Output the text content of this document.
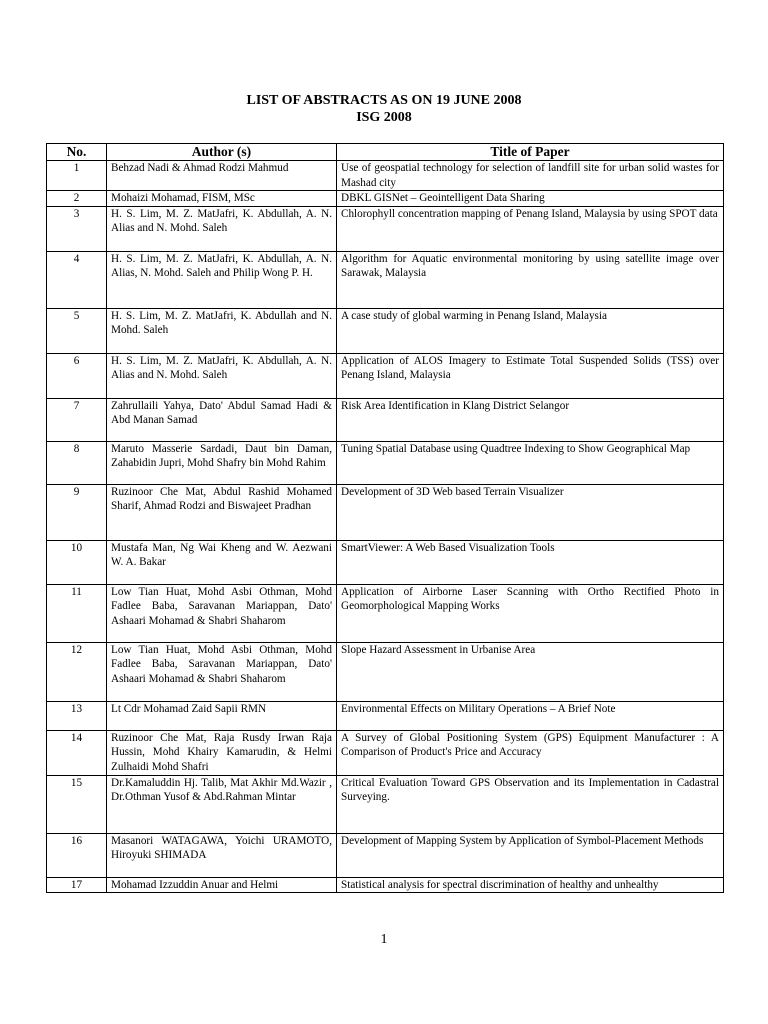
LIST OF ABSTRACTS AS ON 19 JUNE 2008
ISG 2008
No.	Author (s)	Title of Paper
1	Behzad Nadi & Ahmad Rodzi Mahmud	Use of geospatial technology for selection of landfill site for urban solid wastes for Mashad city
2	Mohaizi Mohamad, FISM, MSc	DBKL GISNet – Geointelligent Data Sharing
3	H. S. Lim, M. Z. MatJafri, K. Abdullah, A. N. Alias and N. Mohd. Saleh	Chlorophyll concentration mapping of Penang Island, Malaysia by using SPOT data
4	H. S. Lim, M. Z. MatJafri, K. Abdullah, A. N. Alias, N. Mohd. Saleh and Philip Wong P. H.	Algorithm for Aquatic environmental monitoring by using satellite image over Sarawak, Malaysia
5	H. S. Lim, M. Z. MatJafri, K. Abdullah and N. Mohd. Saleh	A case study of global warming in Penang Island, Malaysia
6	H. S. Lim, M. Z. MatJafri, K. Abdullah, A. N. Alias and N. Mohd. Saleh	Application of ALOS Imagery to Estimate Total Suspended Solids (TSS) over Penang Island, Malaysia
7	Zahrullaili Yahya, Dato' Abdul Samad Hadi & Abd Manan Samad	Risk Area Identification in Klang District Selangor
8	Maruto Masserie Sardadi, Daut bin Daman, Zahabidin Jupri, Mohd Shafry bin Mohd Rahim	Tuning Spatial Database using Quadtree Indexing to Show Geographical Map
9	Ruzinoor Che Mat, Abdul Rashid Mohamed Sharif, Ahmad Rodzi and Biswajeet Pradhan	Development of 3D Web based Terrain Visualizer
10	Mustafa Man, Ng Wai Kheng and W. Aezwani W. A. Bakar	SmartViewer: A Web Based Visualization Tools
11	Low Tian Huat, Mohd Asbi Othman, Mohd Fadlee Baba, Saravanan Mariappan, Dato' Ashaari Mohamad & Shabri Shaharom	Application of Airborne Laser Scanning with Ortho Rectified Photo in Geomorphological Mapping Works
12	Low Tian Huat, Mohd Asbi Othman, Mohd Fadlee Baba, Saravanan Mariappan, Dato' Ashaari Mohamad & Shabri Shaharom	Slope Hazard Assessment in Urbanise Area
13	Lt Cdr Mohamad Zaid Sapii RMN	Environmental Effects on Military Operations – A Brief Note
14	Ruzinoor Che Mat, Raja Rusdy Irwan Raja Hussin, Mohd Khairy Kamarudin, & Helmi Zulhaidi Mohd Shafri	A Survey of Global Positioning System (GPS) Equipment Manufacturer : A Comparison of Product's Price and Accuracy
15	Dr.Kamaluddin Hj. Talib, Mat Akhir Md.Wazir , Dr.Othman Yusof & Abd.Rahman Mintar	Critical Evaluation Toward GPS Observation and its Implementation in Cadastral Surveying.
16	Masanori WATAGAWA, Yoichi URAMOTO, Hiroyuki SHIMADA	Development of Mapping System by Application of Symbol-Placement Methods
17	Mohamad Izzuddin Anuar and Helmi	Statistical analysis for spectral discrimination of healthy and unhealthy
1
